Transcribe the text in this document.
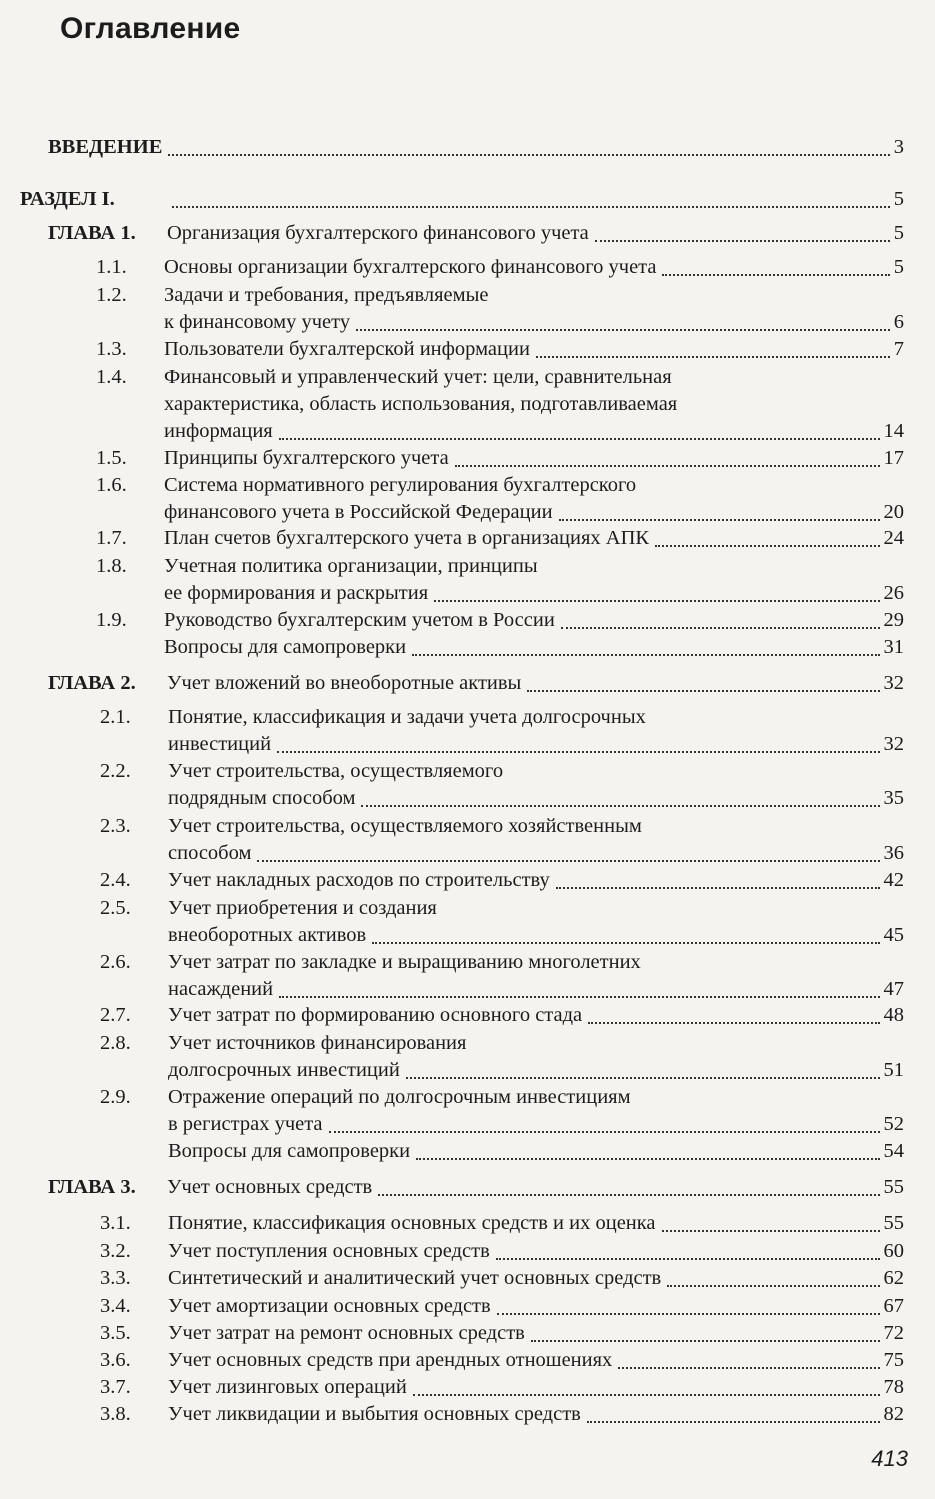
Оглавление
ВВЕДЕНИЕ	3
РАЗДЕЛ I.	5
ГЛАВА 1. Организация бухгалтерского финансового учета	5
1.1. Основы организации бухгалтерского финансового учета	5
1.2. Задачи и требования, предъявляемые
к финансовому учету	6
1.3. Пользователи бухгалтерской информации	7
1.4. Финансовый и управленческий учет: цели, сравнительная
характеристика, область использования, подготавливаемая
информация	14
1.5. Принципы бухгалтерского учета	17
1.6. Система нормативного регулирования бухгалтерского
финансового учета в Российской Федерации	20
1.7. План счетов бухгалтерского учета в организациях АПК	24
1.8. Учетная политика организации, принципы
ее формирования и раскрытия	26
1.9. Руководство бухгалтерским учетом в России	29
Вопросы для самопроверки	31
ГЛАВА 2. Учет вложений во внеоборотные активы	32
2.1. Понятие, классификация и задачи учета долгосрочных
инвестиций	32
2.2. Учет строительства, осуществляемого
подрядным способом	35
2.3. Учет строительства, осуществляемого хозяйственным
способом	36
2.4. Учет накладных расходов по строительству	42
2.5. Учет приобретения и создания
внеоборотных активов	45
2.6. Учет затрат по закладке и выращиванию многолетних
насаждений	47
2.7. Учет затрат по формированию основного стада	48
2.8. Учет источников финансирования
долгосрочных инвестиций	51
2.9. Отражение операций по долгосрочным инвестициям
в регистрах учета	52
Вопросы для самопроверки	54
ГЛАВА 3. Учет основных средств	55
3.1. Понятие, классификация основных средств и их оценка	55
3.2. Учет поступления основных средств	60
3.3. Синтетический и аналитический учет основных средств	62
3.4. Учет амортизации основных средств	67
3.5. Учет затрат на ремонт основных средств	72
3.6. Учет основных средств при арендных отношениях	75
3.7. Учет лизинговых операций	78
3.8. Учет ликвидации и выбытия основных средств	82
413
